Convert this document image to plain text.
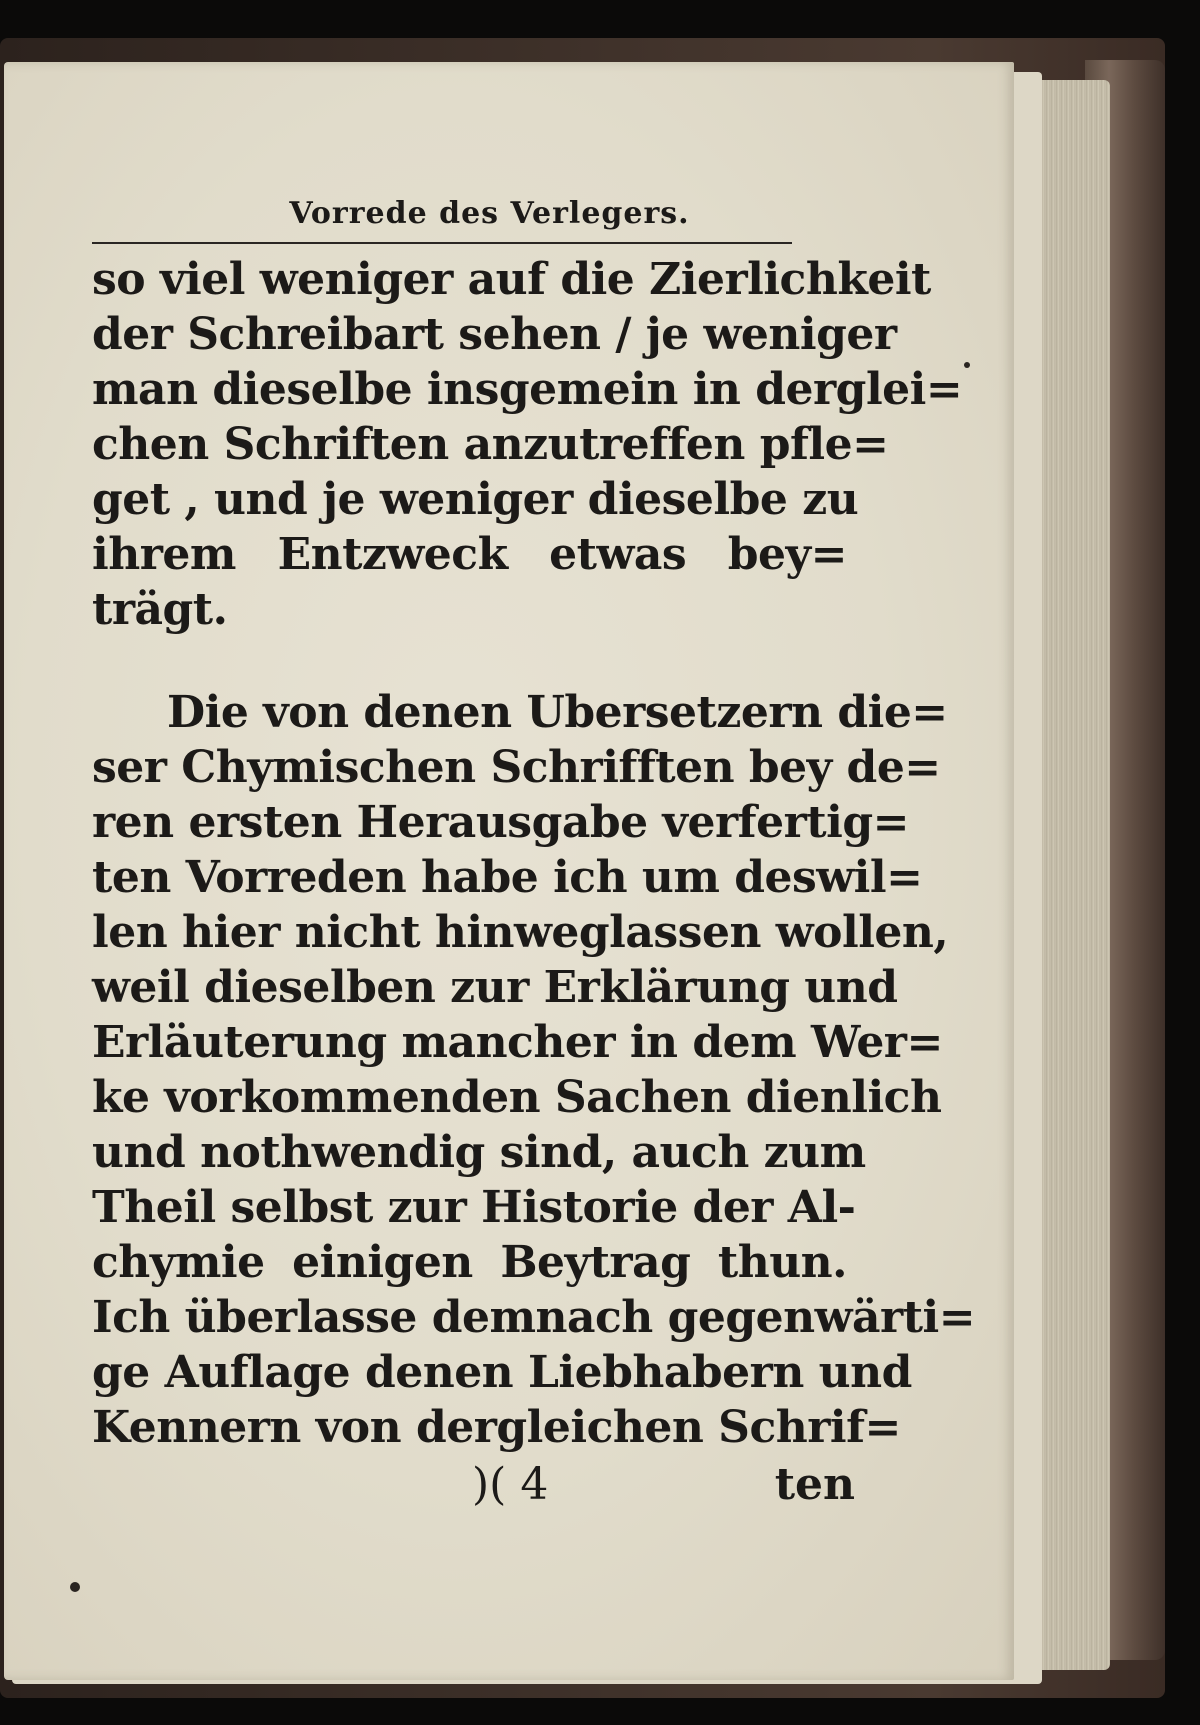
Vorrede des Verlegers.
so viel weniger auf die Zierlichkeit
der Schreibart sehen / je weniger
man dieselbe insgemein in derglei=
chen Schriften anzutreffen pfle=
get , und je weniger dieselbe zu
ihrem Entzweck etwas bey=
trägt.
Die von denen Ubersetzern die=
ser Chymischen Schrifften bey de=
ren ersten Herausgabe verfertig=
ten Vorreden habe ich um deswil=
len hier nicht hinweglassen wollen,
weil dieselben zur Erklärung und
Erläuterung mancher in dem Wer=
ke vorkommenden Sachen dienlich
und nothwendig sind, auch zum
Theil selbst zur Historie der Al-
chymie einigen Beytrag thun.
Ich überlasse demnach gegenwärti=
ge Auflage denen Liebhabern und
Kennern von dergleichen Schrif=
)( 4	ten
